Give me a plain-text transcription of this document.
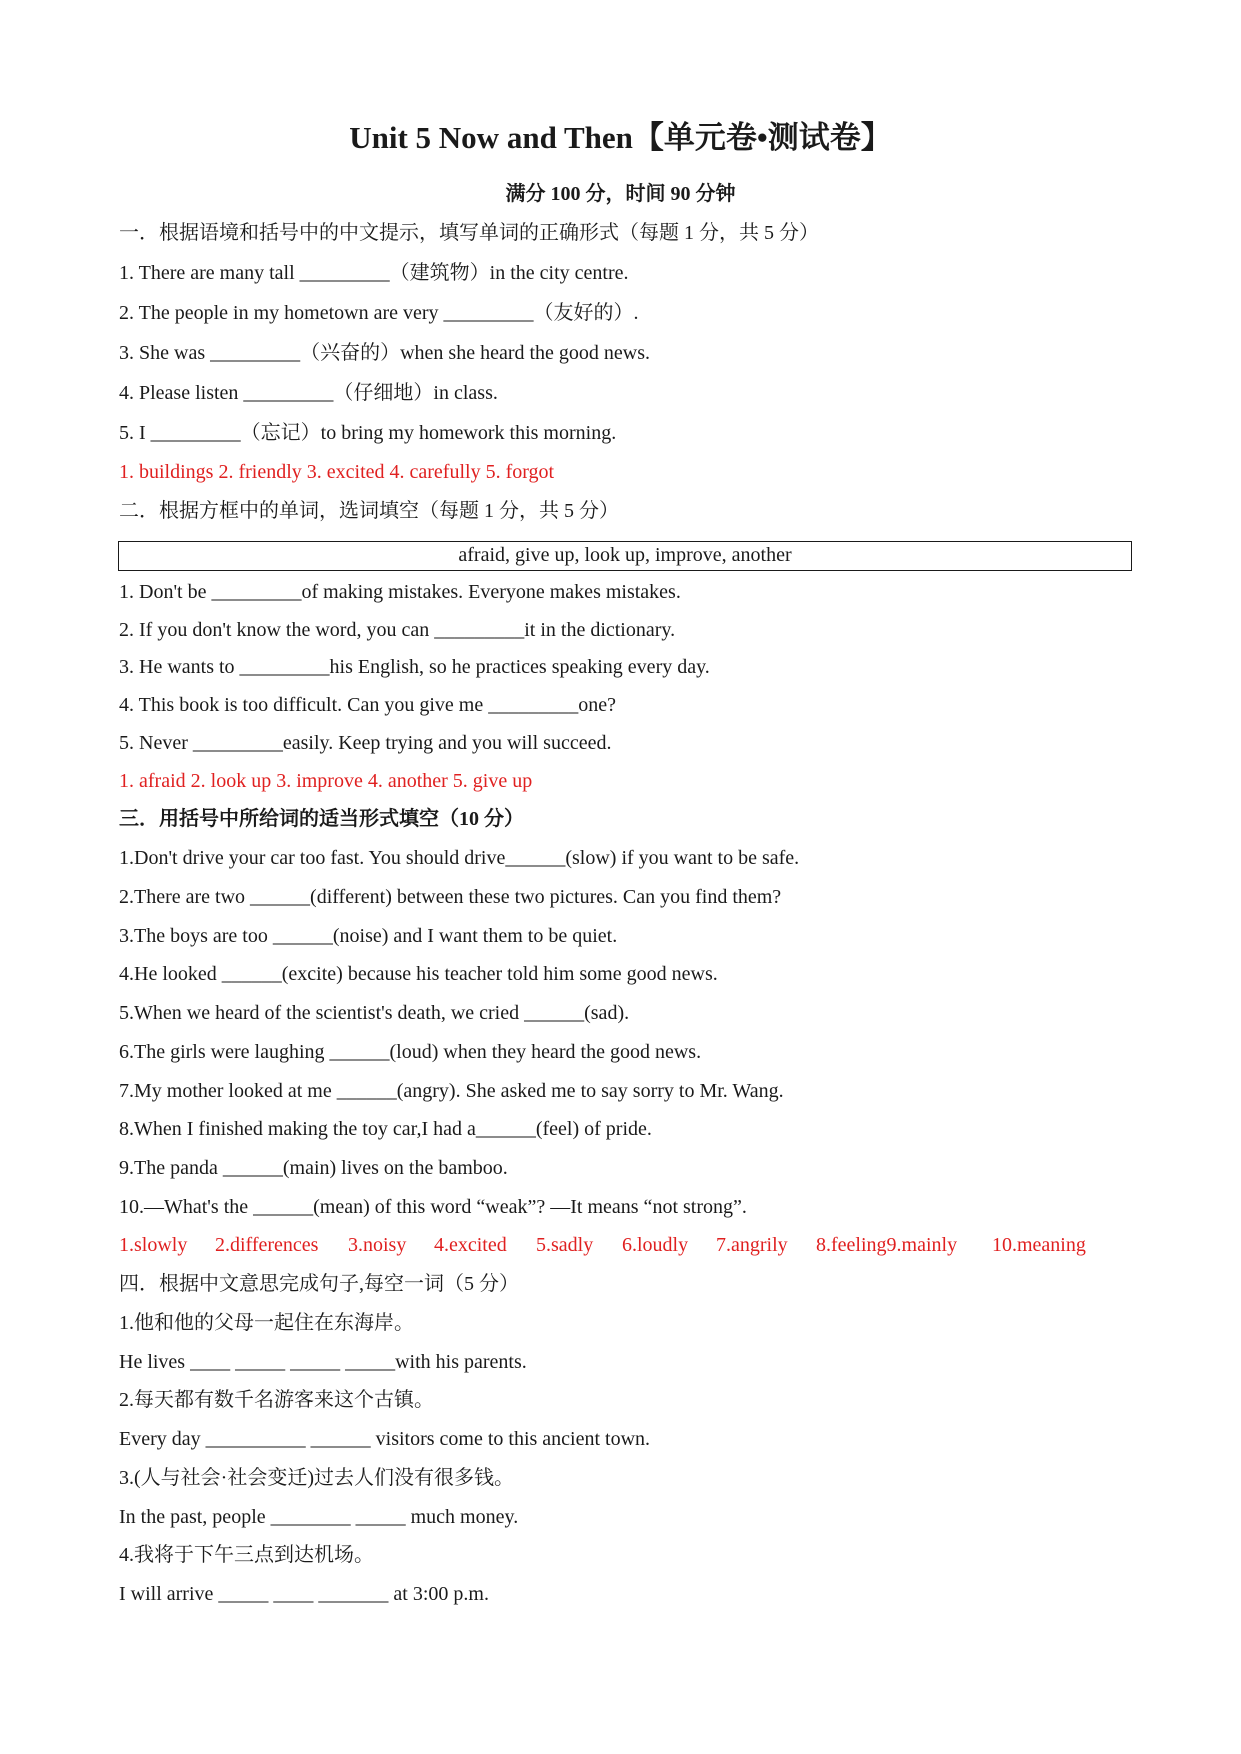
Unit 5 Now and Then【单元卷•测试卷】
满分 100 分，时间 90 分钟
一．根据语境和括号中的中文提示，填写单词的正确形式（每题 1 分，共 5 分）
1. There are many tall _________（建筑物）in the city centre.
2. The people in my hometown are very _________（友好的）.
3. She was _________（兴奋的）when she heard the good news.
4. Please listen _________（仔细地）in class.
5. I _________（忘记）to bring my homework this morning.
1. buildings 2. friendly 3. excited 4. carefully 5. forgot
二．根据方框中的单词，选词填空（每题 1 分，共 5 分）
afraid, give up, look up, improve, another
1. Don't be _________of making mistakes. Everyone makes mistakes.
2. If you don't know the word, you can _________it in the dictionary.
3. He wants to _________his English, so he practices speaking every day.
4. This book is too difficult. Can you give me _________one?
5. Never _________easily. Keep trying and you will succeed.
1. afraid 2. look up 3. improve 4. another 5. give up
三．用括号中所给词的适当形式填空（10 分）
1.Don't drive your car too fast. You should drive______(slow) if you want to be safe.
2.There are two ______(different) between these two pictures. Can you find them?
3.The boys are too ______(noise) and I want them to be quiet.
4.He looked ______(excite) because his teacher told him some good news.
5.When we heard of the scientist's death, we cried ______(sad).
6.The girls were laughing ______(loud) when they heard the good news.
7.My mother looked at me ______(angry). She asked me to say sorry to Mr. Wang.
8.When I finished making the toy car,I had a______(feel) of pride.
9.The panda ______(main) lives on the bamboo.
10.—What's the ______(mean) of this word “weak”? —It means “not strong”.
1.slowly 2.differences 3.noisy 4.excited 5.sadly 6.loudly 7.angrily 8.feeling9.mainly 10.meaning
四．根据中文意思完成句子,每空一词（5 分）
1.他和他的父母一起住在东海岸。
He lives ____ _____ _____ _____with his parents.
2.每天都有数千名游客来这个古镇。
Every day __________ ______ visitors come to this ancient town.
3.(人与社会·社会变迁)过去人们没有很多钱。
In the past, people ________ _____ much money.
4.我将于下午三点到达机场。
I will arrive _____ ____ _______ at 3:00 p.m.
